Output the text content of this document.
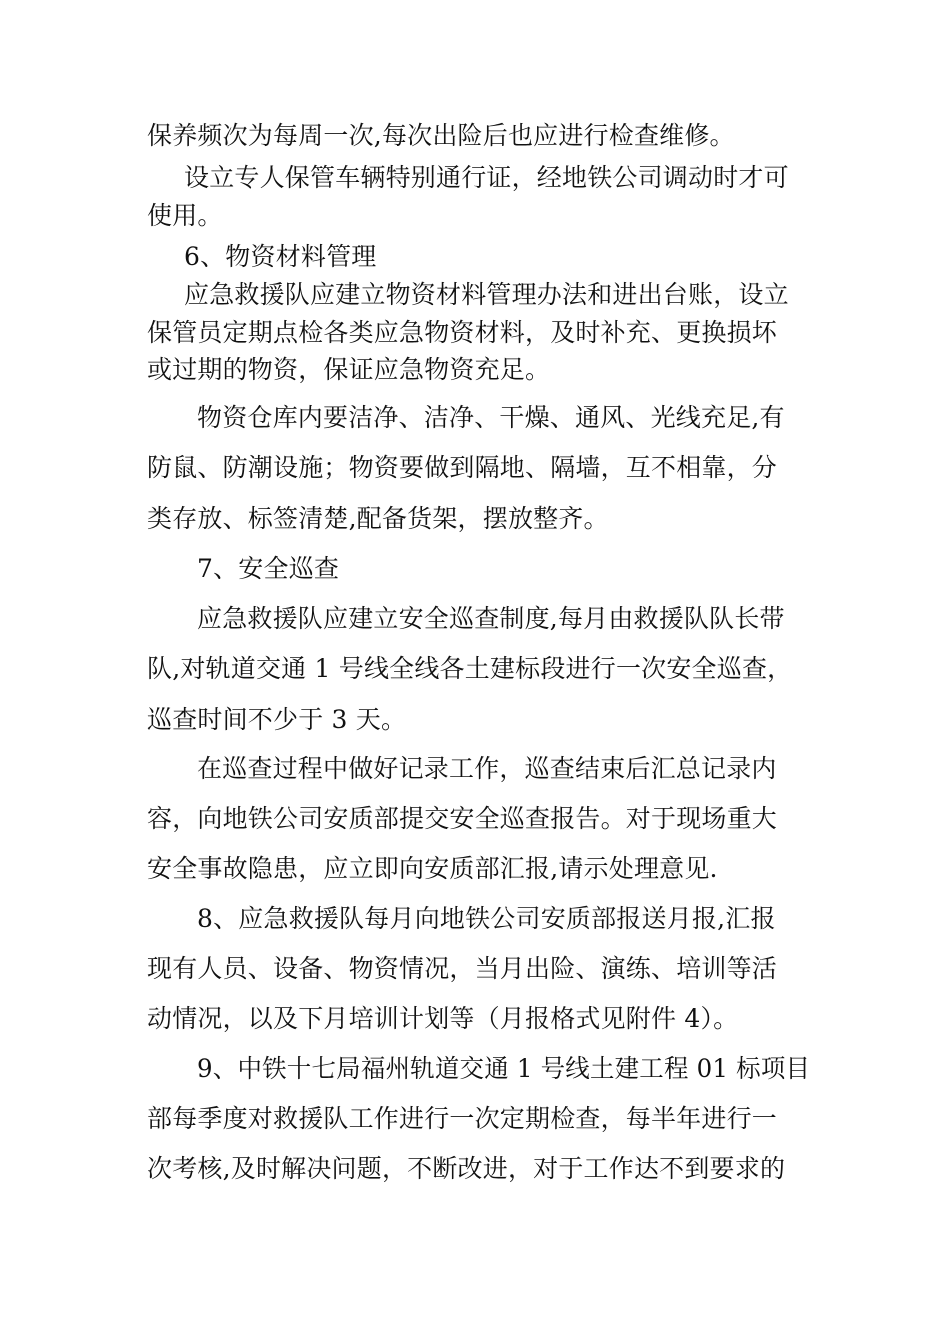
保养频次为每周一次,每次出险后也应进行检查维修。
设立专人保管车辆特别通行证，经地铁公司调动时才可
使用。
6、物资材料管理
应急救援队应建立物资材料管理办法和进出台账，设立
保管员定期点检各类应急物资材料，及时补充、更换损坏
或过期的物资，保证应急物资充足。
物资仓库内要洁净、洁净、干燥、通风、光线充足,有
防鼠、防潮设施；物资要做到隔地、隔墙，互不相靠，分
类存放、标签清楚,配备货架，摆放整齐。
7、安全巡查
应急救援队应建立安全巡查制度,每月由救援队队长带
队,对轨道交通 1 号线全线各土建标段进行一次安全巡查，
巡查时间不少于 3 天。
在巡查过程中做好记录工作，巡查结束后汇总记录内
容，向地铁公司安质部提交安全巡查报告。对于现场重大
安全事故隐患，应立即向安质部汇报,请示处理意见.
8、应急救援队每月向地铁公司安质部报送月报,汇报
现有人员、设备、物资情况，当月出险、演练、培训等活
动情况，以及下月培训计划等（月报格式见附件 4）。
9、中铁十七局福州轨道交通 1 号线土建工程 01 标项目
部每季度对救援队工作进行一次定期检查，每半年进行一
次考核,及时解决问题，不断改进，对于工作达不到要求的
